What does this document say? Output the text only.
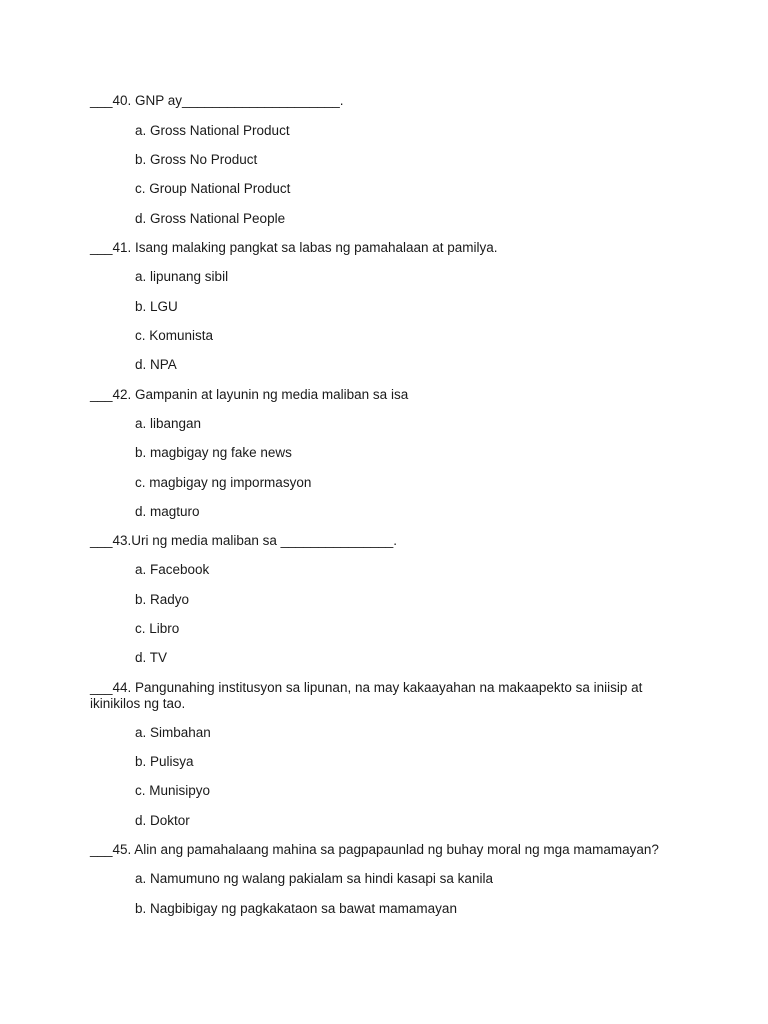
___40. GNP ay_____________________.
a. Gross National Product
b. Gross No Product
c. Group National Product
d. Gross National People
___41. Isang malaking pangkat sa labas ng pamahalaan at pamilya.
a. lipunang sibil
b. LGU
c. Komunista
d. NPA
___42. Gampanin at layunin ng media maliban sa isa
a. libangan
b. magbigay ng fake news
c. magbigay ng impormasyon
d. magturo
___43.Uri ng media maliban sa _______________.
a. Facebook
b. Radyo
c. Libro
d. TV
___44. Pangunahing institusyon sa lipunan, na may kakaayahan na makaapekto sa iniisip at ikinikilos ng tao.
a. Simbahan
b. Pulisya
c. Munisipyo
d. Doktor
___45. Alin ang pamahalaang mahina sa pagpapaunlad ng buhay moral ng mga mamamayan?
a. Namumuno ng walang pakialam sa hindi kasapi sa kanila
b. Nagbibigay ng pagkakataon sa bawat mamamayan
